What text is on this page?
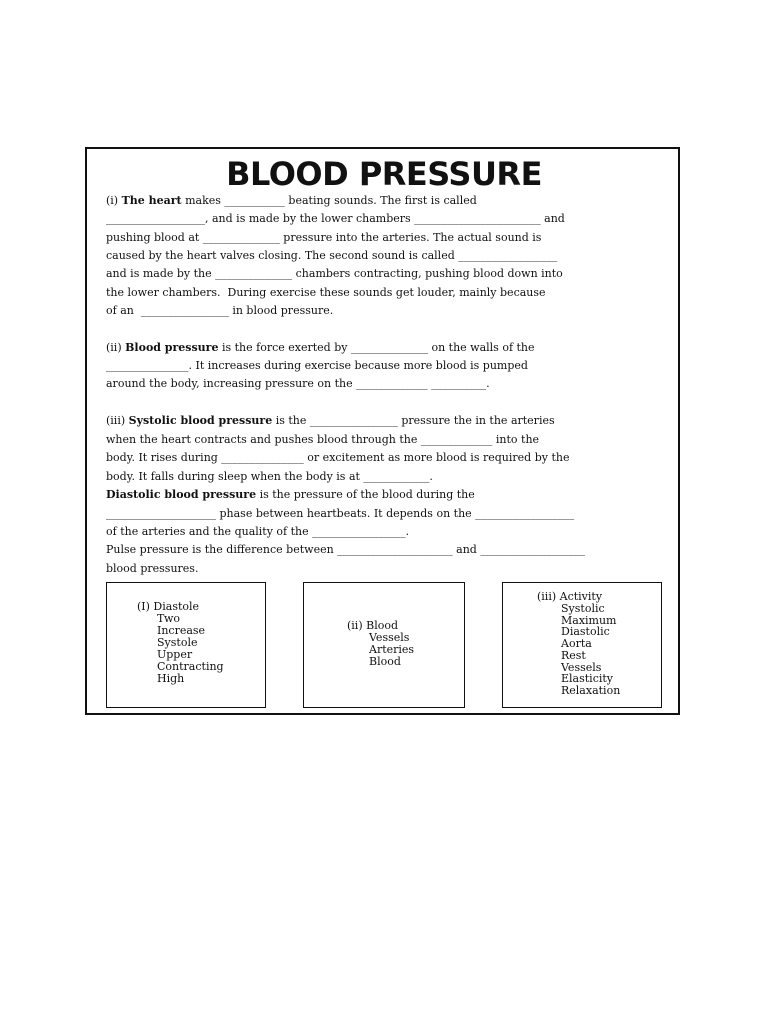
BLOOD PRESSURE
(i) The heart makes ___________ beating sounds. The first is called
__________________, and is made by the lower chambers _______________________ and
pushing blood at ______________ pressure into the arteries. The actual sound is
caused by the heart valves closing. The second sound is called __________________
and is made by the ______________ chambers contracting, pushing blood down into
the lower chambers.  During exercise these sounds get louder, mainly because
of an  ________________ in blood pressure.
(ii) Blood pressure is the force exerted by ______________ on the walls of the
_______________. It increases during exercise because more blood is pumped
around the body, increasing pressure on the _____________ __________.
(iii) Systolic blood pressure is the ________________ pressure the in the arteries
when the heart contracts and pushes blood through the _____________ into the
body. It rises during _______________ or excitement as more blood is required by the
body. It falls during sleep when the body is at ____________.
Diastolic blood pressure is the pressure of the blood during the
____________________ phase between heartbeats. It depends on the __________________
of the arteries and the quality of the _________________.
Pulse pressure is the difference between _____________________ and ___________________
blood pressures.
(I) Diastole
Two
Increase
Systole
Upper
Contracting
High
(ii) Blood
Vessels
Arteries
Blood
(iii) Activity
Systolic
Maximum
Diastolic
Aorta
Rest
Vessels
Elasticity
Relaxation
